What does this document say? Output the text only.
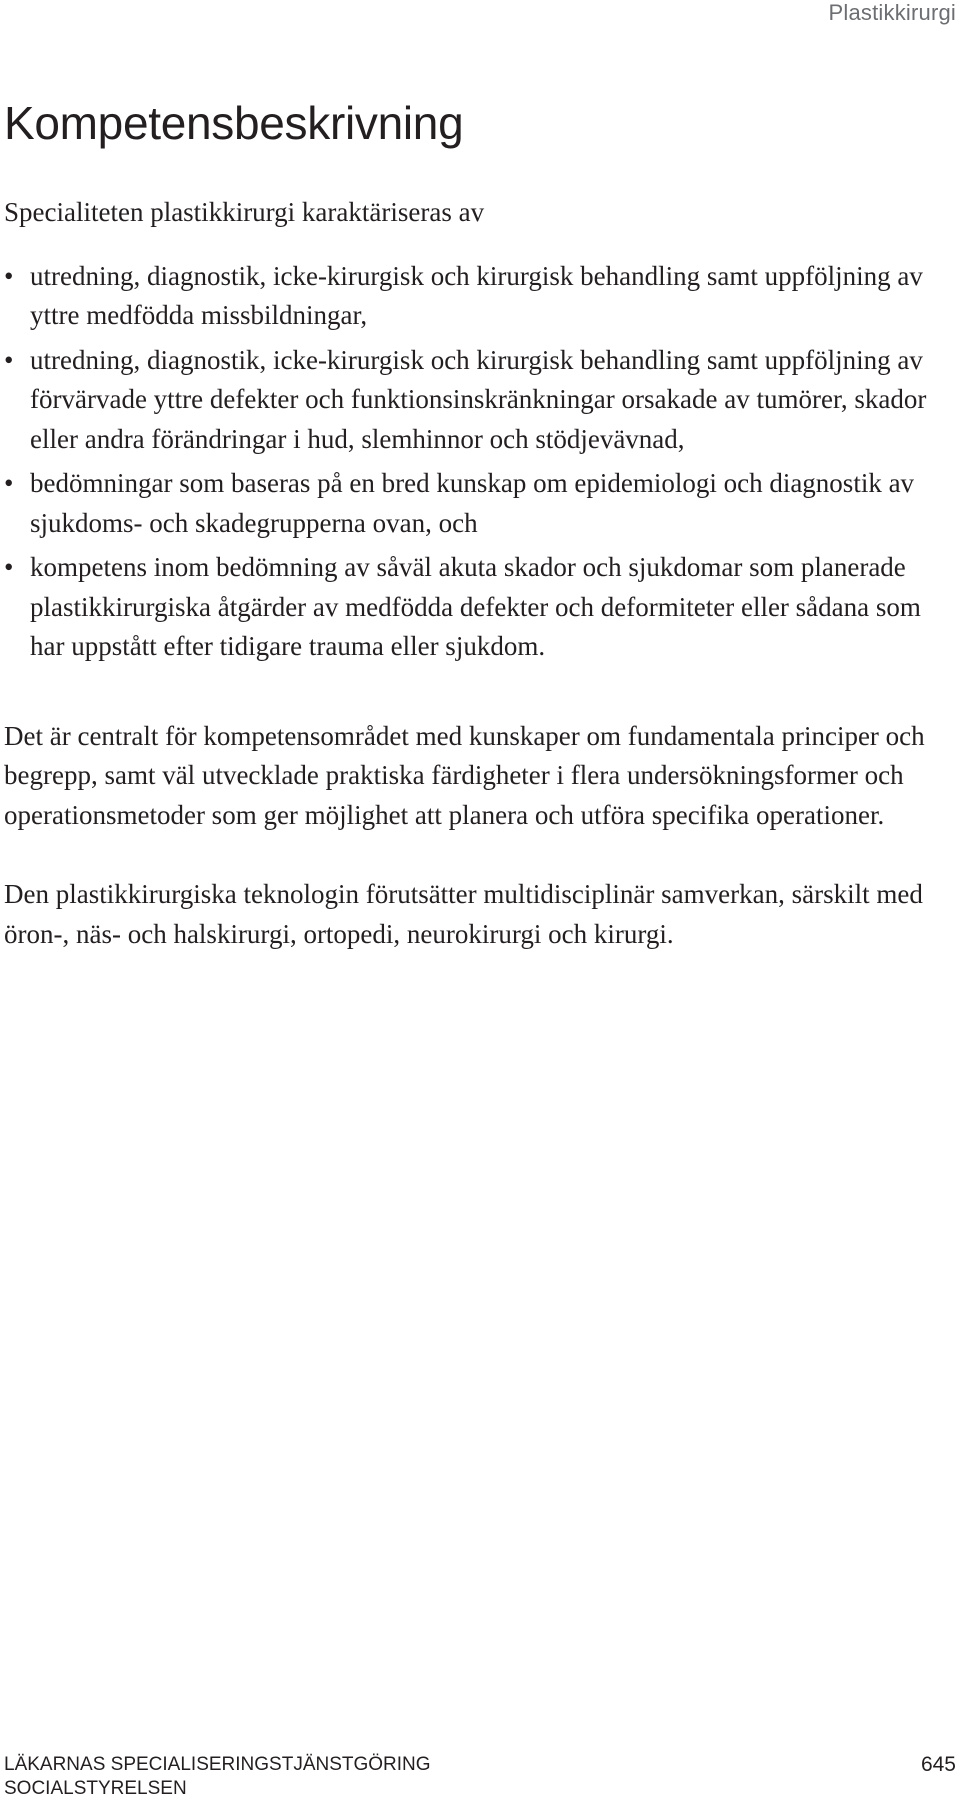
Plastikkirurgi
Kompetensbeskrivning

Specialiteten plastikkirurgi karaktäriseras av

• utredning, diagnostik, icke-kirurgisk och kirurgisk behandling samt uppföljning av yttre medfödda missbildningar,
• utredning, diagnostik, icke-kirurgisk och kirurgisk behandling samt uppföljning av förvärvade yttre defekter och funktionsinskränkningar orsakade av tumörer, skador eller andra förändringar i hud, slemhinnor och stödjevävnad,
• bedömningar som baseras på en bred kunskap om epidemiologi och diagnostik av sjukdoms- och skadegrupperna ovan, och
• kompetens inom bedömning av såväl akuta skador och sjukdomar som planerade plastikkirurgiska åtgärder av medfödda defekter och deformiteter eller sådana som har uppstått efter tidigare trauma eller sjukdom.

Det är centralt för kompetensområdet med kunskaper om fundamentala principer och begrepp, samt väl utvecklade praktiska färdigheter i flera undersökningsformer och operationsmetoder som ger möjlighet att planera och utföra specifika operationer.

Den plastikkirurgiska teknologin förutsätter multidisciplinär samverkan, särskilt med öron-, näs- och halskirurgi, ortopedi, neurokirurgi och kirurgi.

LÄKARNAS SPECIALISERINGSTJÄNSTGÖRING
SOCIALSTYRELSEN
645
